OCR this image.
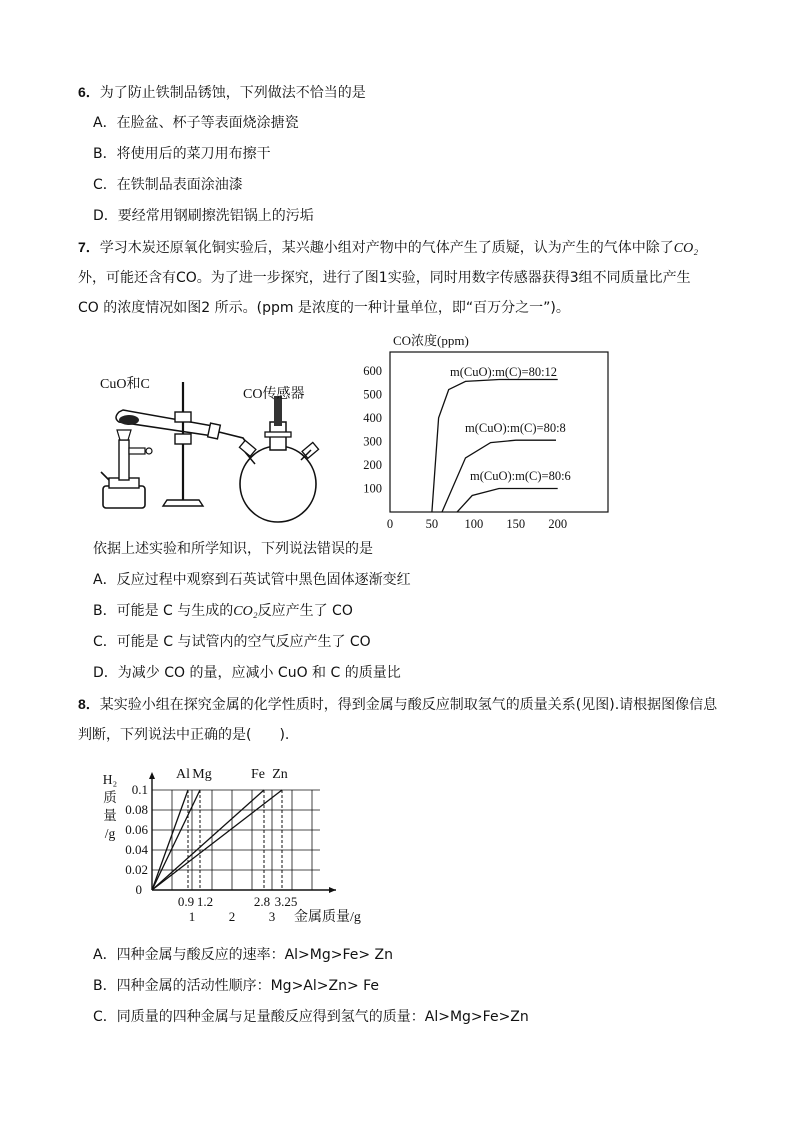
6．为了防止铁制品锈蚀，下列做法不恰当的是
A．在脸盆、杯子等表面烧涂搪瓷
B．将使用后的菜刀用布擦干
C．在铁制品表面涂油漆
D．要经常用钢刷擦洗铝锅上的污垢
7．学习木炭还原氧化铜实验后，某兴趣小组对产物中的气体产生了质疑，认为产生的气体中除了CO₂
外，可能还含有CO。为了进一步探究，进行了图1实验，同时用数字传感器获得3组不同质量比产生
CO 的浓度情况如图2 所示。(ppm 是浓度的一种计量单位，即“百万分之一”)。
CuO和C
CO传感器
CO浓度(ppm)
100
200
300
400
500
600
0	50 100 150 200
m(CuO):m(C)=80:12
m(CuO):m(C)=80:8
m(CuO):m(C)=80:6
依据上述实验和所学知识，下列说法错误的是
A．反应过程中观察到石英试管中黑色固体逐渐变红
B．可能是 C 与生成的CO₂反应产生了 CO
C．可能是 C 与试管内的空气反应产生了 CO
D．为减少 CO 的量，应减小 CuO 和 C 的质量比
8．某实验小组在探究金属的化学性质时，得到金属与酸反应制取氢气的质量关系(见图).请根据图像信息
判断，下列说法中正确的是(　　).
0.02
0.04
0.06
0.08
0.1
0
H₂
质
量
/g
Al Mg	Fe Zn
0.9 1.2	2.8 3.25
1	2	3 金属质量/g
A．四种金属与酸反应的速率：Al>Mg>Fe> Zn
B．四种金属的活动性顺序：Mg>Al>Zn> Fe
C．同质量的四种金属与足量酸反应得到氢气的质量：Al>Mg>Fe>Zn
